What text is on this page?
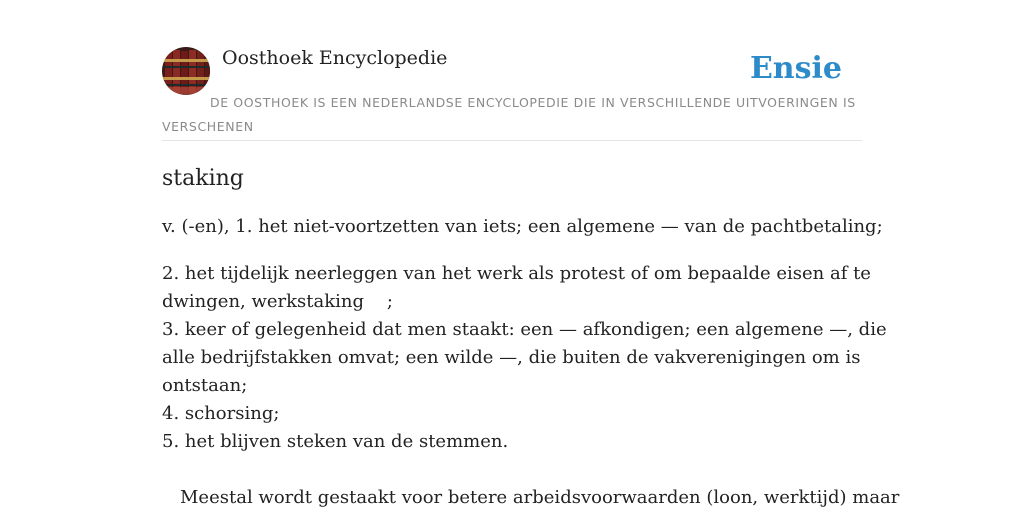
Oosthoek Encyclopedie	Ensie
DE OOSTHOEK IS EEN NEDERLANDSE ENCYCLOPEDIE DIE IN VERSCHILLENDE UITVOERINGEN IS VERSCHENEN
staking

v. (-en), 1. het niet-voortzetten van iets; een algemene — van de pachtbetaling;

2. het tijdelijk neerleggen van het werk als protest of om bepaalde eisen af te

dwingen, werkstaking    ;

3. keer of gelegenheid dat men staakt: een — afkondigen; een algemene —, die

alle bedrijfstakken omvat; een wilde —, die buiten de vakverenigingen om is

ontstaan;

4. schorsing;

5. het blijven steken van de stemmen.

Meestal wordt gestaakt voor betere arbeidsvoorwaarden (loon, werktijd) maar
